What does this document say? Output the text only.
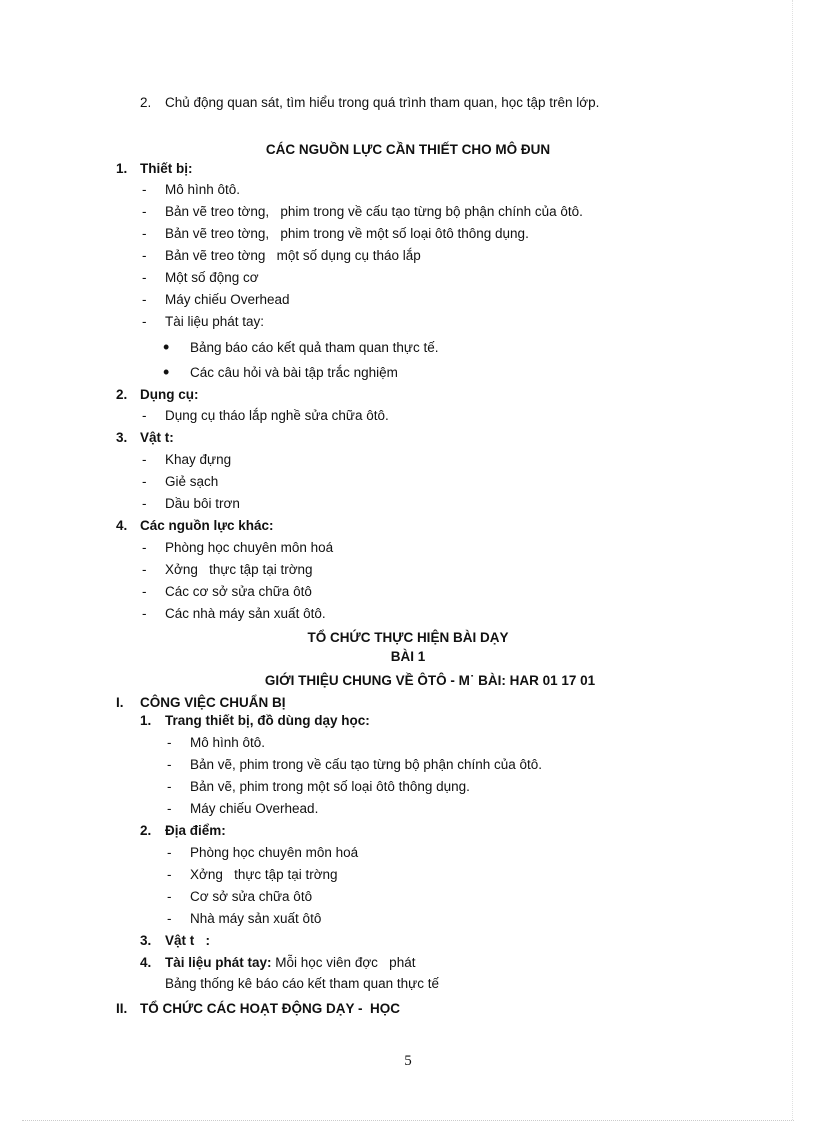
2. Chủ động quan sát, tìm hiểu trong quá trình tham quan, học tập trên lớp.
CÁC NGUỒN LỰC CẦN THIẾT CHO MÔ ĐUN
1. Thiết bị:
- Mô hình ôtô.
- Bản vẽ treo tờng,   phim trong về cấu tạo từng bộ phận chính của ôtô.
- Bản vẽ treo tờng,   phim trong về một số loại ôtô thông dụng.
- Bản vẽ treo tờng   một số dụng cụ tháo lắp
- Một số động cơ
- Máy chiếu Overhead
- Tài liệu phát tay:
• Bảng báo cáo kết quả tham quan thực tế.
• Các câu hỏi và bài tập trắc nghiệm
2. Dụng cụ:
- Dụng cụ tháo lắp nghề sửa chữa ôtô.
3. Vật t:
- Khay đựng
- Giẻ sạch
- Dầu bôi trơn
4. Các nguồn lực khác:
- Phòng học chuyên môn hoá
- Xởng   thực tập tại trờng
- Các cơ sở sửa chữa ôtô
- Các nhà máy sản xuất ôtô.
TỔ CHỨC THỰC HIỆN BÀI DẠY
BÀI 1
GIỚI THIỆU CHUNG VỀ ÔTÔ - M˙ BÀI: HAR 01 17 01
I. CÔNG VIỆC CHUẨN BỊ
1. Trang thiết bị, đồ dùng dạy học:
- Mô hình ôtô.
- Bản vẽ, phim trong về cấu tạo từng bộ phận chính của ôtô.
- Bản vẽ, phim trong một số loại ôtô thông dụng.
- Máy chiếu Overhead.
2. Địa điểm:
- Phòng học chuyên môn hoá
- Xởng   thực tập tại trờng
- Cơ sở sửa chữa ôtô
- Nhà máy sản xuất ôtô
3. Vật t   :
4. Tài liệu phát tay: Mỗi học viên đợc   phát
Bảng thống kê báo cáo kết tham quan thực tế
II. TỔ CHỨC CÁC HOẠT ĐỘNG DẠY -  HỌC
5
